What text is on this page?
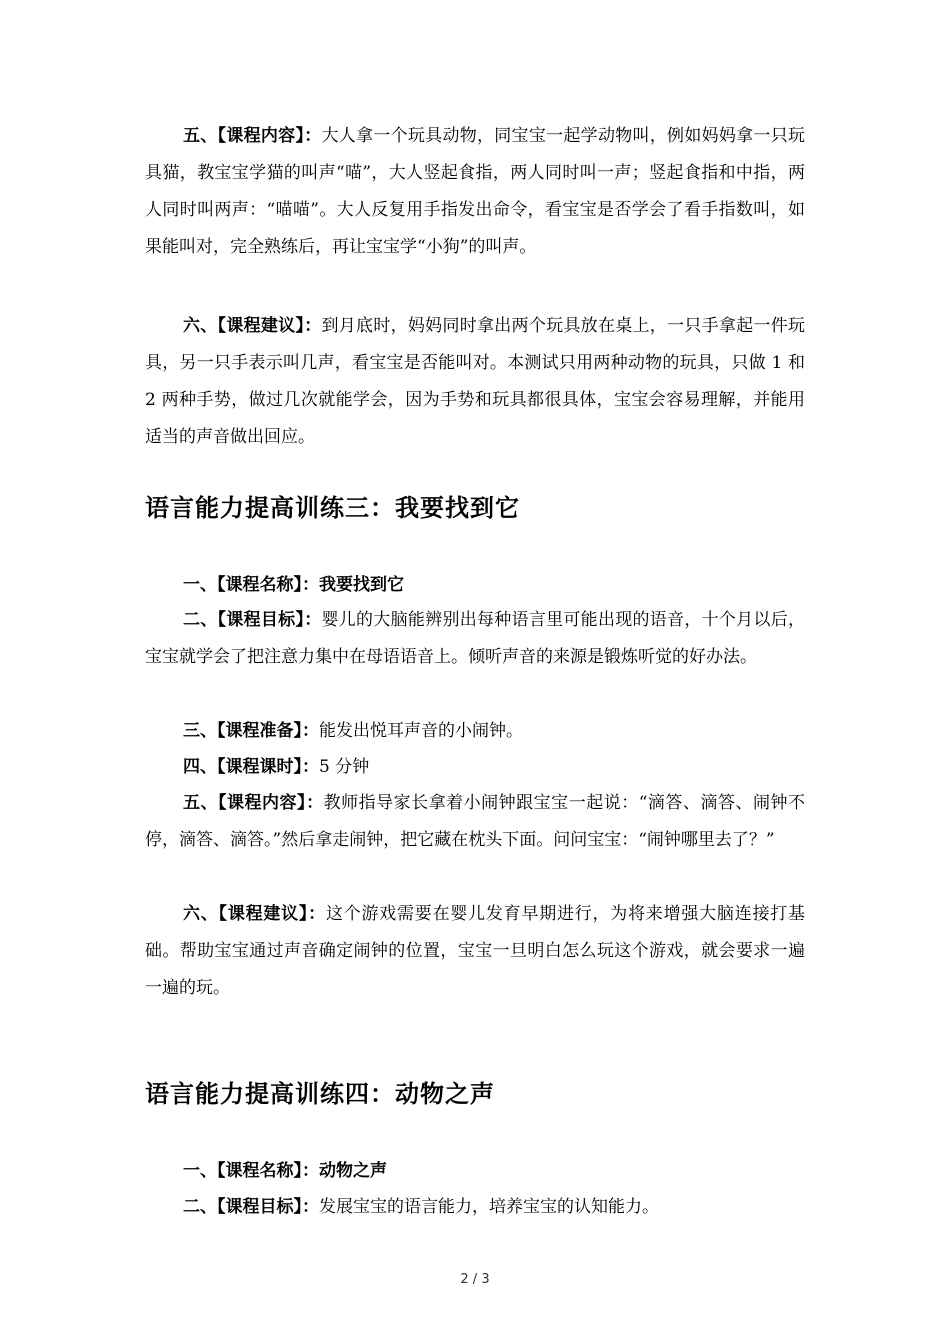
五、【课程内容】：大人拿一个玩具动物，同宝宝一起学动物叫，例如妈妈拿一只玩具猫，教宝宝学猫的叫声“喵”，大人竖起食指，两人同时叫一声；竖起食指和中指，两人同时叫两声：“喵喵”。大人反复用手指发出命令，看宝宝是否学会了看手指数叫，如果能叫对，完全熟练后，再让宝宝学“小狗”的叫声。

六、【课程建议】：到月底时，妈妈同时拿出两个玩具放在桌上，一只手拿起一件玩具，另一只手表示叫几声，看宝宝是否能叫对。本测试只用两种动物的玩具，只做 1 和 2 两种手势，做过几次就能学会，因为手势和玩具都很具体，宝宝会容易理解，并能用适当的声音做出回应。

语言能力提高训练三：我要找到它

一、【课程名称】：我要找到它

二、【课程目标】：婴儿的大脑能辨别出每种语言里可能出现的语音，十个月以后，宝宝就学会了把注意力集中在母语语音上。倾听声音的来源是锻炼听觉的好办法。

三、【课程准备】：能发出悦耳声音的小闹钟。

四、【课程课时】：5 分钟

五、【课程内容】：教师指导家长拿着小闹钟跟宝宝一起说：“滴答、滴答、闹钟不停，滴答、滴答。”然后拿走闹钟，把它藏在枕头下面。问问宝宝：“闹钟哪里去了？”

六、【课程建议】：这个游戏需要在婴儿发育早期进行，为将来增强大脑连接打基础。帮助宝宝通过声音确定闹钟的位置，宝宝一旦明白怎么玩这个游戏，就会要求一遍一遍的玩。

语言能力提高训练四：动物之声

一、【课程名称】：动物之声

二、【课程目标】：发展宝宝的语言能力，培养宝宝的认知能力。

2 / 3
